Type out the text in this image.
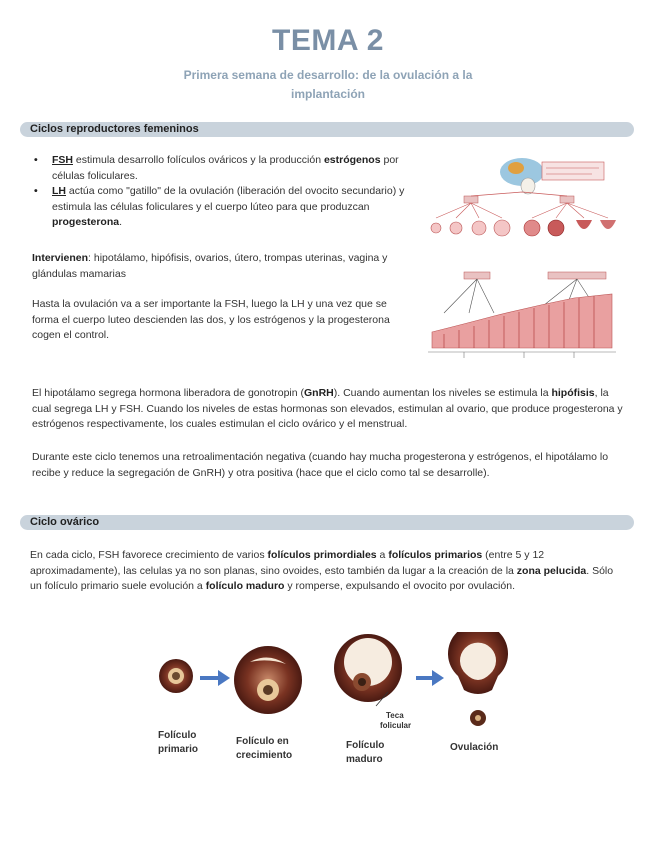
TEMA 2
Primera semana de desarrollo: de la ovulación a la implantación
Ciclos reproductores femeninos
• FSH estimula desarrollo folículos ováricos y la producción estrógenos por células foliculares.
• LH actúa como "gatillo" de la ovulación (liberación del ovocito secundario) y estimula las células foliculares y el cuerpo lúteo para que produzcan progesterona.

Intervienen: hipotálamo, hipófisis, ovarios, útero, trompas uterinas, vagina y glándulas mamarias

Hasta la ovulación va a ser importante la FSH, luego la LH y una vez que se forma el cuerpo luteo descienden las dos, y los estrógenos y la progesterona cogen el control.

El hipotálamo segrega hormona liberadora de gonotropin (GnRH). Cuando aumentan los niveles se estimula la hipófisis, la cual segrega LH y FSH. Cuando los niveles de estas hormonas son elevados, estimulan al ovario, que produce progesterona y estrógenos respectivamente, los cuales estimulan el ciclo ovárico y el menstrual.

Durante este ciclo tenemos una retroalimentación negativa (cuando hay mucha progesterona y estrógenos, el hipotálamo lo recibe y reduce la segregación de GnRH) y otra positiva (hace que el ciclo como tal se desarrolle).

Ciclo ovárico

En cada ciclo, FSH favorece crecimiento de varios folículos primordiales a folículos primarios (entre 5 y 12 aproximadamente), las celulas ya no son planas, sino ovoides, esto también da lugar a la creación de la zona pelucida. Sólo un folículo primario suele evolución a folículo maduro y romperse, expulsando el ovocito por ovulación.

Folículo
primario
Folículo en
crecimiento
Folículo
maduro
Ovulación
Teca
folicular
